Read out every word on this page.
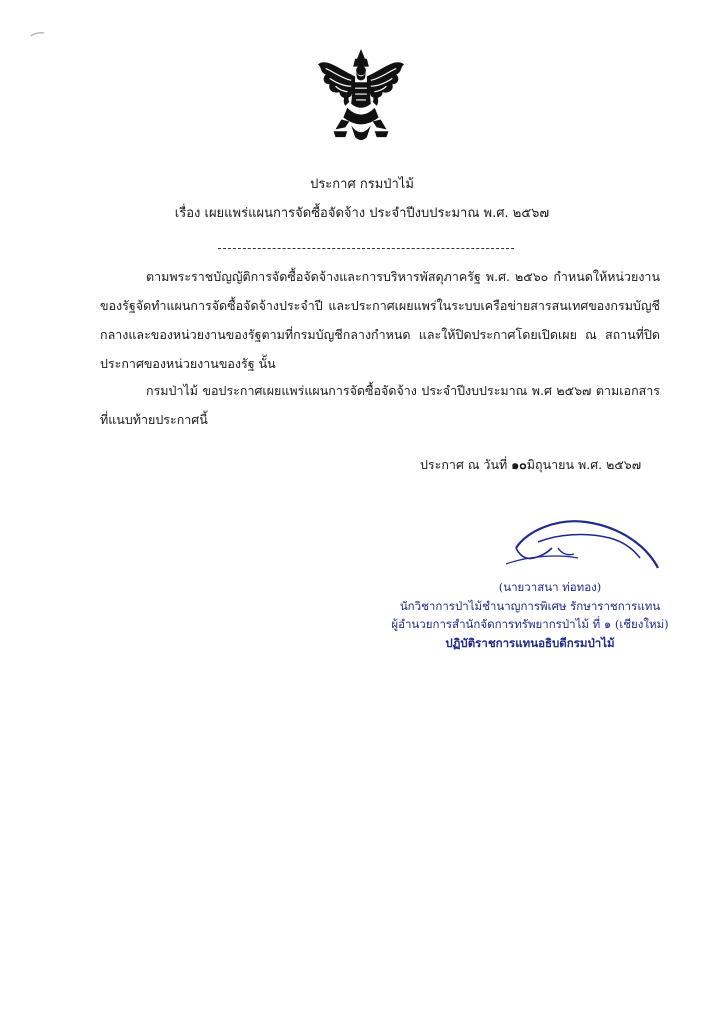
ประกาศ กรมป่าไม้
เรื่อง เผยแพร่แผนการจัดซื้อจัดจ้าง ประจำปีงบประมาณ พ.ศ. ๒๕๖๗
ตามพระราชบัญญัติการจัดซื้อจัดจ้างและการบริหารพัสดุภาครัฐ พ.ศ. ๒๕๖๐ กำหนดให้หน่วยงานของรัฐจัดทำแผนการจัดซื้อจัดจ้างประจำปี และประกาศเผยแพร่ในระบบเครือข่ายสารสนเทศของกรมบัญชีกลางและของหน่วยงานของรัฐตามที่กรมบัญชีกลางกำหนด และให้ปิดประกาศโดยเปิดเผย ณ สถานที่ปิดประกาศของหน่วยงานของรัฐ นั้น
กรมป่าไม้ ขอประกาศเผยแพร่แผนการจัดซื้อจัดจ้าง ประจำปีงบประมาณ พ.ศ ๒๕๖๗ ตามเอกสารที่แนบท้ายประกาศนี้
ประกาศ ณ วันที่ ๑๐มิถุนายน พ.ศ. ๒๕๖๗
(นายวาสนา ท่อทอง)
นักวิชาการป่าไม้ชำนาญการพิเศษ รักษาราชการแทน
ผู้อำนวยการสำนักจัดการทรัพยากรป่าไม้ ที่ ๑ (เชียงใหม่)
ปฏิบัติราชการแทนอธิบดีกรมป่าไม้
